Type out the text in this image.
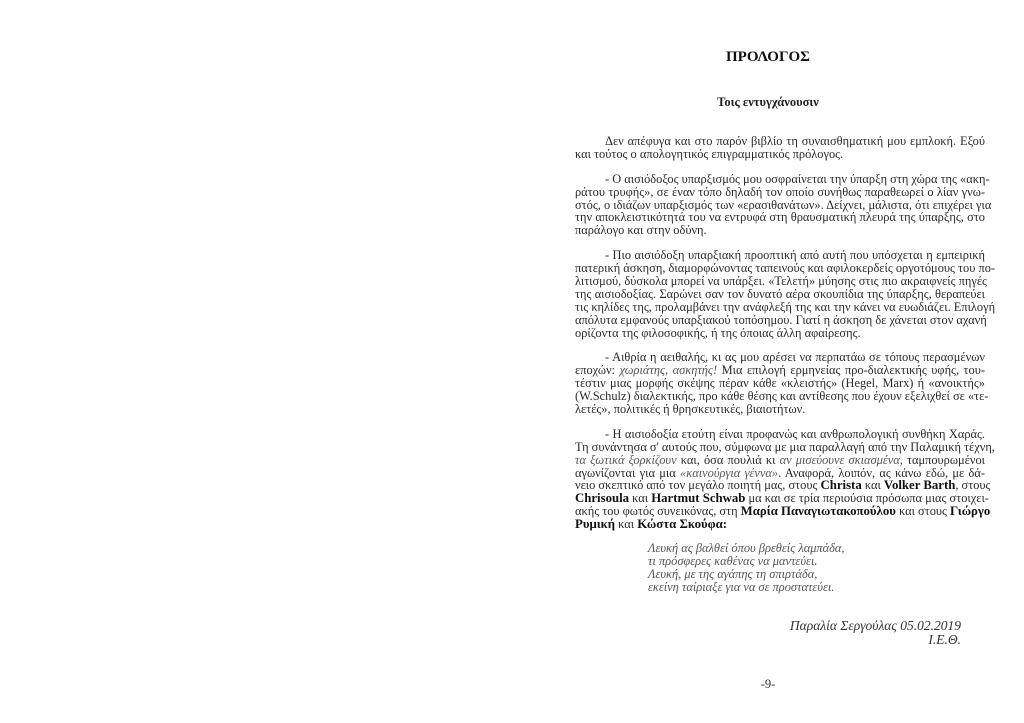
ΠΡΟΛΟΓΟΣ
Τοις εντυγχάνουσιν
Δεν απέφυγα και στο παρόν βιβλίο τη συναισθηματική μου εμπλοκή. Εξού
και τούτος ο απολογητικός επιγραμματικός πρόλογος.
- Ο αισιόδοξος υπαρξισμός μου οσφραίνεται την ύπαρξη στη χώρα της «ακη-
ράτου τρυφής», σε έναν τόπο δηλαδή τον οποίο συνήθως παραθεωρεί ο λίαν γνω-
στός, ο ιδιάζων υπαρξισμός των «ερασιθανάτων». Δείχνει, μάλιστα, ότι επιχέρει για
την αποκλειστικότητά του να εντρυφά στη θραυσματική πλευρά της ύπαρξης, στο
παράλογο και στην οδύνη.
- Πιο αισιόδοξη υπαρξιακή προοπτική από αυτή που υπόσχεται η εμπειρική
πατερική άσκηση, διαμορφώνοντας ταπεινούς και αφιλοκερδείς οργοτόμους του πο-
λιτισμού, δύσκολα μπορεί να υπάρξει. «Τελετή» μύησης στις πιο ακραιφνείς πηγές
της αισιοδοξίας. Σαρώνει σαν τον δυνατό αέρα σκουπίδια της ύπαρξης, θεραπεύει
τις κηλίδες της, προλαμβάνει την ανάφλεξή της και την κάνει να ευωδιάζει. Επιλογή
απόλυτα εμφανούς υπαρξιακού τοπόσημου. Γιατί η άσκηση δε χάνεται στον αχανή
ορίζοντα της φιλοσοφικής, ή της όποιας άλλη αφαίρεσης.
- Αιθρία η αειθαλής, κι ας μου αρέσει να περπατάω σε τόπους περασμένων
εποχών: χωριάτης, ασκητής! Μια επιλογή ερμηνείας προ-διαλεκτικής υφής, του-
τέστιν μιας μορφής σκέψης πέραν κάθε «κλειστής» (Hegel, Marx) ή «ανοικτής»
(W.Schulz) διαλεκτικής, προ κάθε θέσης και αντίθεσης που έχουν εξελιχθεί σε «τε-
λετές», πολιτικές ή θρησκευτικές, βιαιοτήτων.
- Η αισιοδοξία ετούτη είναι προφανώς και ανθρωπολογική συνθήκη Χαράς.
Τη συνάντησα σ' αυτούς που, σύμφωνα με μια παραλλαγή από την Παλαμική τέχνη,
τα ξωτικά ξορκίζουν και, όσα πουλιά κι αν μισεύουνε σκιασμένα, ταμπουρωμένοι
αγωνίζονται για μια «καινούργια γέννα». Αναφορά, λοιπόν, ας κάνω εδώ, με δά-
νειο σκεπτικό από τον μεγάλο ποιητή μας, στους Christa και Volker Barth, στους
Chrisoula και Hartmut Schwab μα και σε τρία περιούσια πρόσωπα μιας στοιχει-
ακής του φωτός συνεικόνας, στη Μαρία Παναγιωτακοπούλου και στους Γιώργο
Ρυμική και Κώστα Σκούφα:
Λευκή ας βαλθεί όπου βρεθείς λαμπάδα,
τι πρόσφερες καθένας να μαντεύει.
Λευκή, με της αγάπης τη σπιρτάδα,
εκείνη ταίριαξε για να σε προστατεύει.
Παραλία Σεργούλας 05.02.2019
Ι.Ε.Θ.
-9-
